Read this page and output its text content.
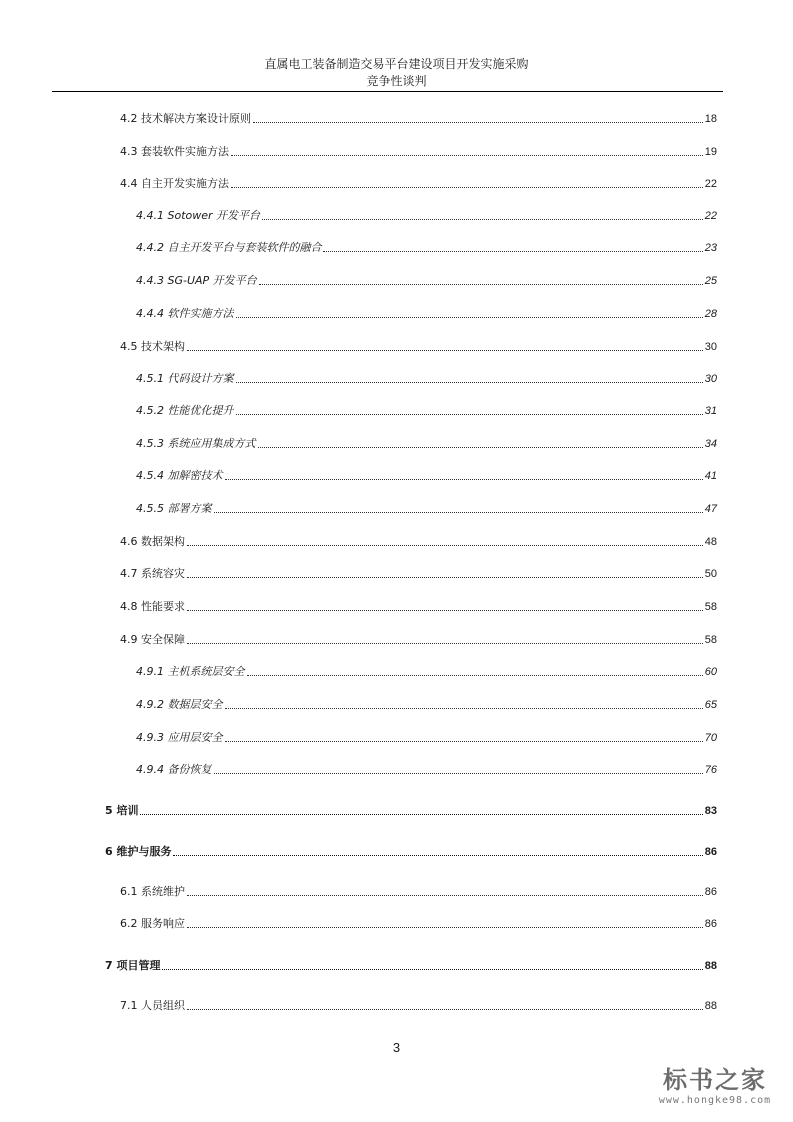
直属电工装备制造交易平台建设项目开发实施采购
竞争性谈判
4.2 技术解决方案设计原则	18
4.3 套装软件实施方法	19
4.4 自主开发实施方法	22
4.4.1 Sotower 开发平台	22
4.4.2 自主开发平台与套装软件的融合	23
4.4.3 SG-UAP 开发平台	25
4.4.4 软件实施方法	28
4.5 技术架构	30
4.5.1 代码设计方案	30
4.5.2 性能优化提升	31
4.5.3 系统应用集成方式	34
4.5.4 加解密技术	41
4.5.5 部署方案	47
4.6 数据架构	48
4.7 系统容灾	50
4.8 性能要求	58
4.9 安全保障	58
4.9.1 主机系统层安全	60
4.9.2 数据层安全	65
4.9.3 应用层安全	70
4.9.4 备份恢复	76
5 培训	83
6 维护与服务	86
6.1 系统维护	86
6.2 服务响应	86
7 项目管理	88
7.1 人员组织	88
3
标书之家
www.hongke98.com
